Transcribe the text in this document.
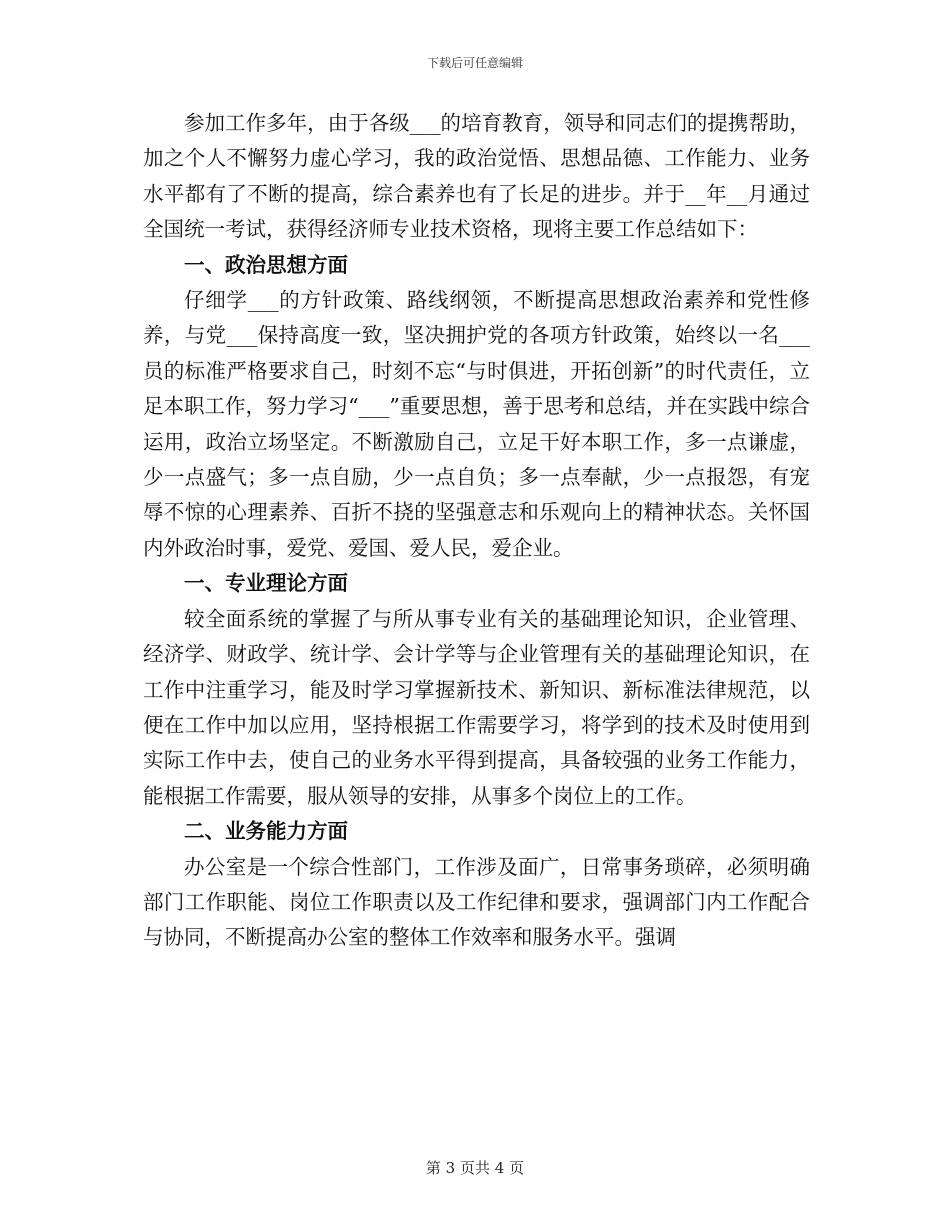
下载后可任意编辑

参加工作多年，由于各级___的培育教育，领导和同志们的提携帮助，加之个人不懈努力虚心学习，我的政治觉悟、思想品德、工作能力、业务水平都有了不断的提高，综合素养也有了长足的进步。并于__年__月通过全国统一考试，获得经济师专业技术资格，现将主要工作总结如下：

一、政治思想方面

仔细学___的方针政策、路线纲领，不断提高思想政治素养和党性修养，与党___保持高度一致，坚决拥护党的各项方针政策，始终以一名___员的标准严格要求自己，时刻不忘“与时俱进，开拓创新”的时代责任，立足本职工作，努力学习“___”重要思想，善于思考和总结，并在实践中综合运用，政治立场坚定。不断激励自己，立足干好本职工作，多一点谦虚，少一点盛气；多一点自励，少一点自负；多一点奉献，少一点报怨，有宠辱不惊的心理素养、百折不挠的坚强意志和乐观向上的精神状态。关怀国内外政治时事，爱党、爱国、爱人民，爱企业。

一、专业理论方面

较全面系统的掌握了与所从事专业有关的基础理论知识，企业管理、经济学、财政学、统计学、会计学等与企业管理有关的基础理论知识，在工作中注重学习，能及时学习掌握新技术、新知识、新标准法律规范，以便在工作中加以应用，坚持根据工作需要学习，将学到的技术及时使用到实际工作中去，使自己的业务水平得到提高，具备较强的业务工作能力，能根据工作需要，服从领导的安排，从事多个岗位上的工作。

二、业务能力方面

办公室是一个综合性部门，工作涉及面广，日常事务琐碎，必须明确部门工作职能、岗位工作职责以及工作纪律和要求，强调部门内工作配合与协同，不断提高办公室的整体工作效率和服务水平。强调

第 3 页共 4 页
